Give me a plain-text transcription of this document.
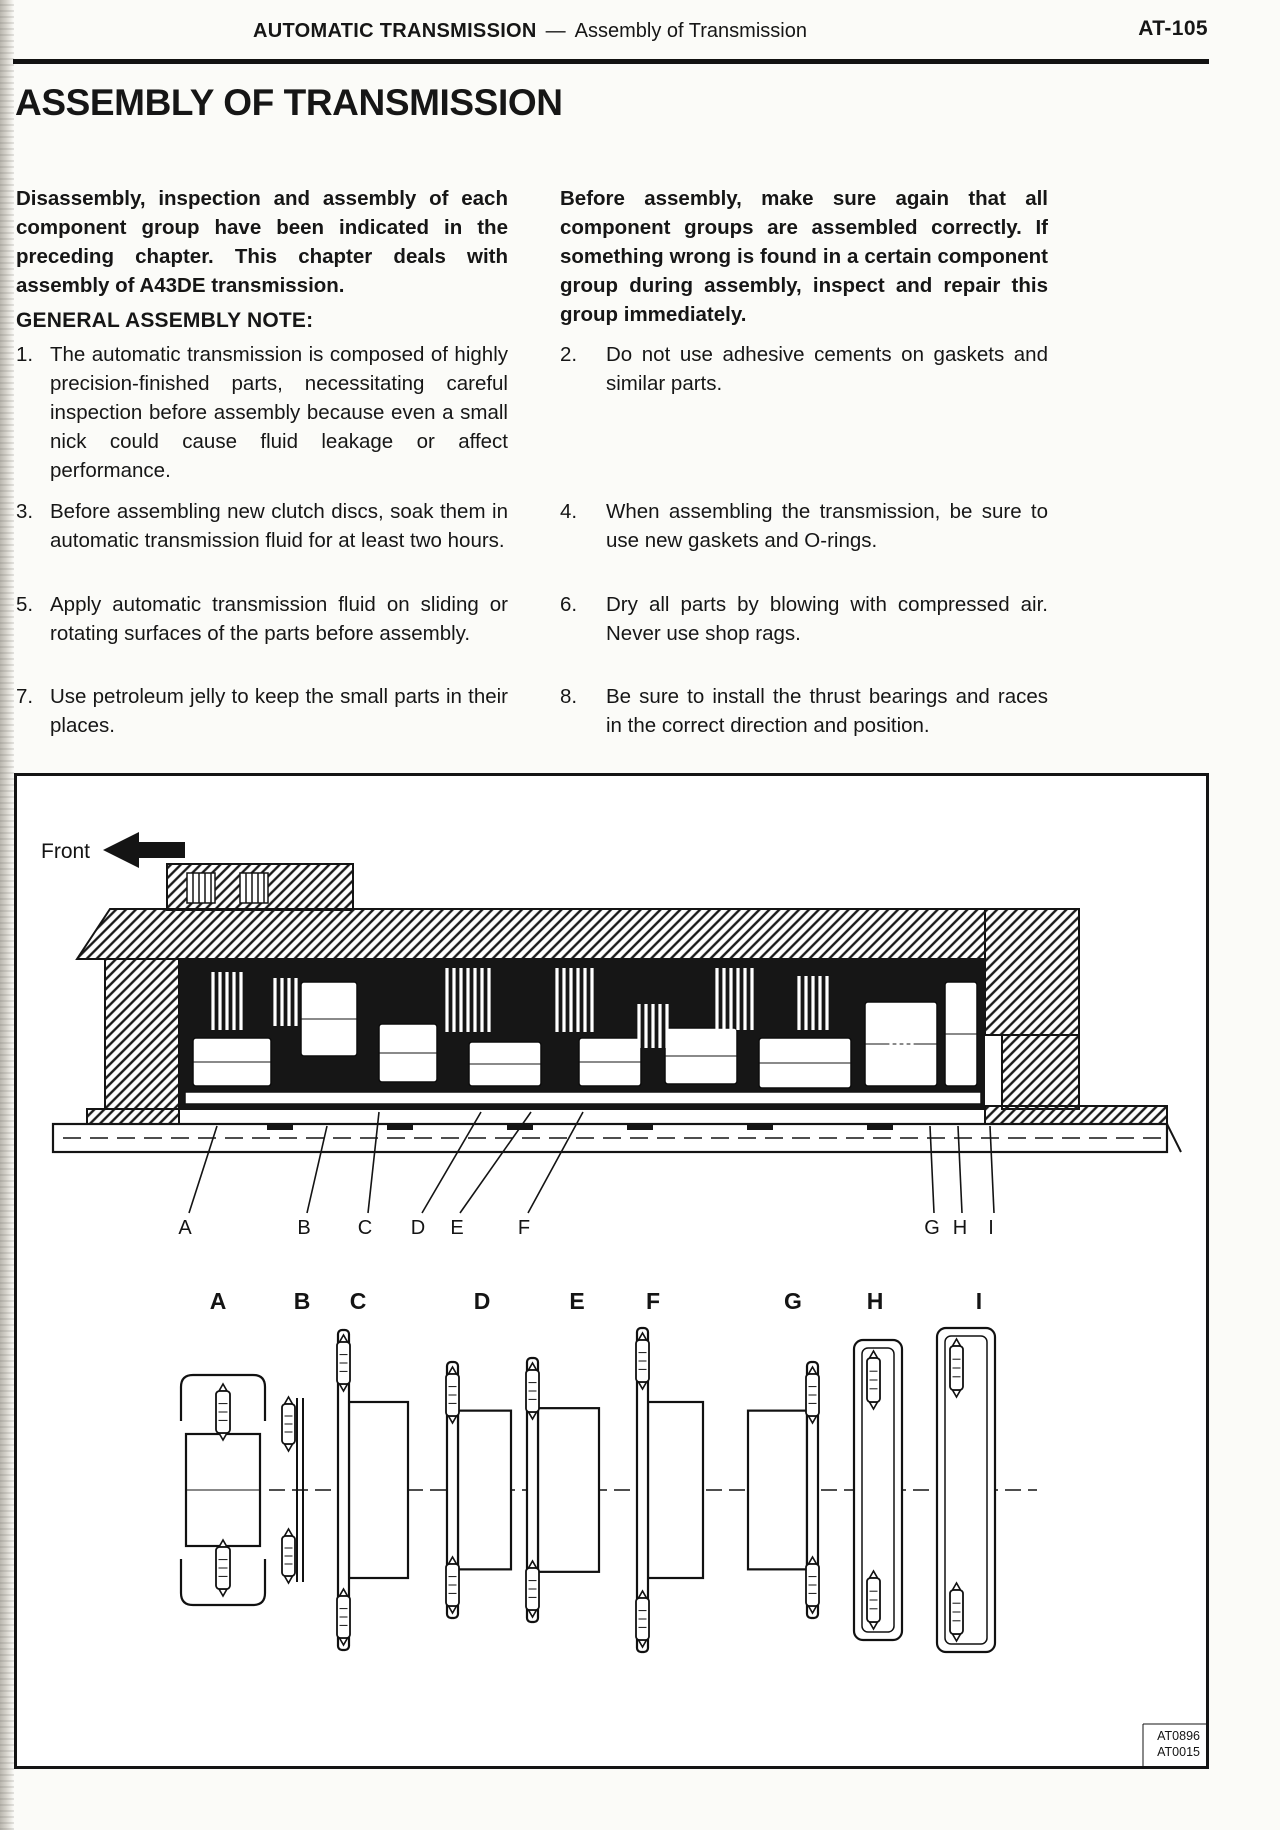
AUTOMATIC TRANSMISSION — Assembly of Transmission	AT-105
ASSEMBLY OF TRANSMISSION

Disassembly, inspection and assembly of each component group have been indicated in the preceding chapter. This chapter deals with assembly of A43DE transmission.

GENERAL ASSEMBLY NOTE:
1. The automatic transmission is composed of highly precision-finished parts, necessitating careful inspection before assembly because even a small nick could cause fluid leakage or affect performance.
3. Before assembling new clutch discs, soak them in automatic transmission fluid for at least two hours.
5. Apply automatic transmission fluid on sliding or rotating surfaces of the parts before assembly.
7. Use petroleum jelly to keep the small parts in their places.

Before assembly, make sure again that all component groups are assembled correctly. If something wrong is found in a certain component group during assembly, inspect and repair this group immediately.

2.	Do not use adhesive cements on gaskets and similar parts.
4.	When assembling the transmission, be sure to use new gaskets and O-rings.
6.	Dry all parts by blowing with compressed air. Never use shop rags.
8.	Be sure to install the thrust bearings and races in the correct direction and position.
Front
A	B C D E	F	G H I
A	B C	D	E	F	G	H	I
AT0896
AT0015
